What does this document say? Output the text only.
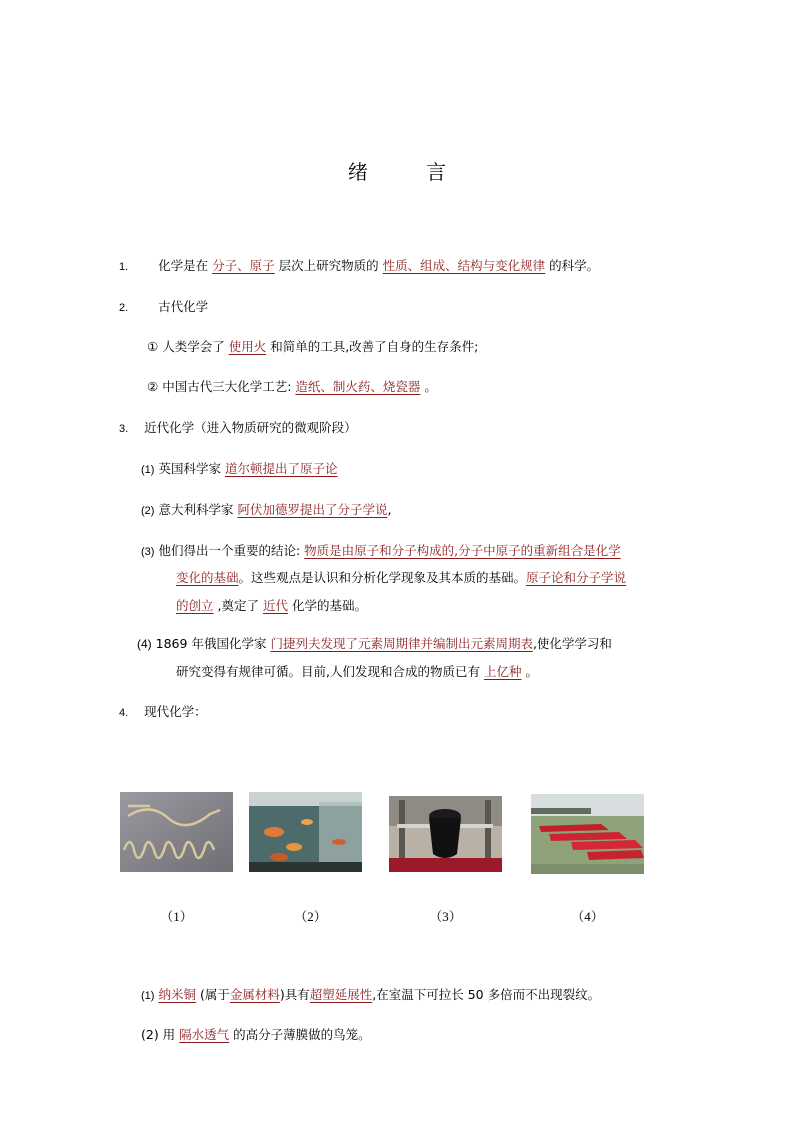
绪 言
1. 化学是在 分子、原子 层次上研究物质的 性质、组成、结构与变化规律 的科学。
2. 古代化学
① 人类学会了 使用火 和简单的工具,改善了自身的生存条件;
② 中国古代三大化学工艺: 造纸、制火药、烧瓷器 。
3. 近代化学（进入物质研究的微观阶段）
(1) 英国科学家 道尔顿提出了原子论
(2) 意大利科学家 阿伏加德罗提出了分子学说,
(3) 他们得出一个重要的结论: 物质是由原子和分子构成的,分子中原子的重新组合是化学
变化的基础。这些观点是认识和分析化学现象及其本质的基础。原子论和分子学说
的创立 ,奠定了 近代 化学的基础。
(4) 1869 年俄国化学家 门捷列夫发现了元素周期律并编制出元素周期表,使化学学习和
研究变得有规律可循。目前,人们发现和合成的物质已有 上亿种 。
4. 现代化学：
（1）	（2）	（3）	（4）
(1) 纳米铜 (属于金属材料)具有超塑延展性,在室温下可拉长 50 多倍而不出现裂纹。
(2) 用 隔水透气 的高分子薄膜做的鸟笼。
